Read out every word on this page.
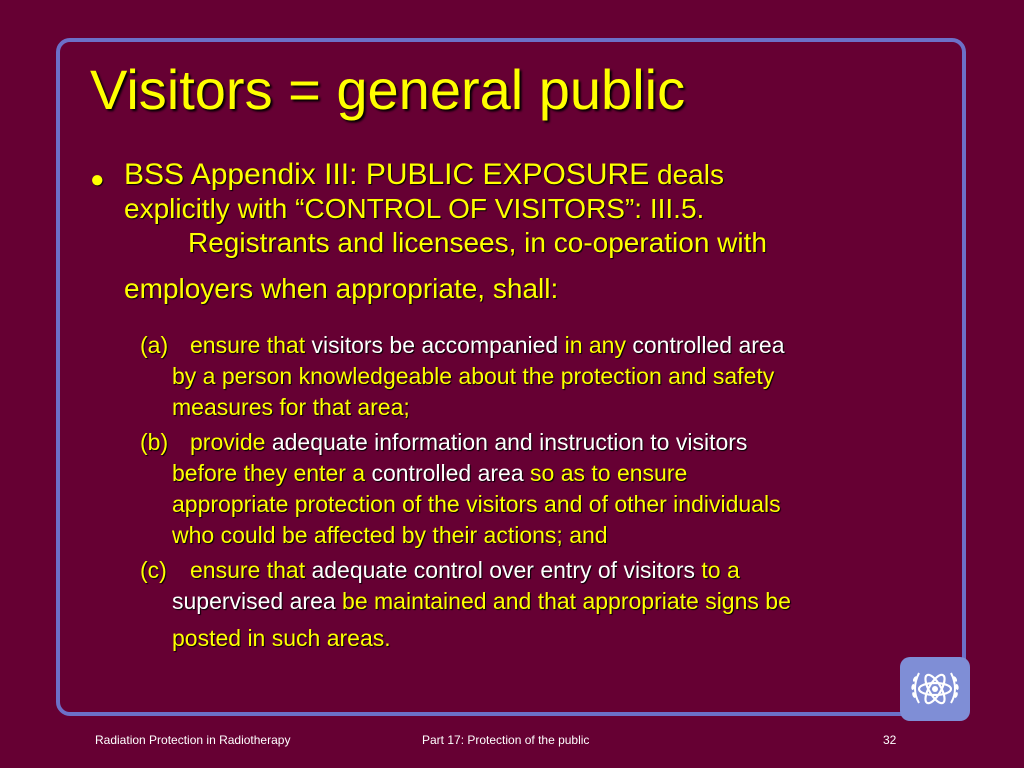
Visitors = general public
● BSS Appendix III: PUBLIC EXPOSURE deals
explicitly with “CONTROL OF VISITORS”: III.5.
Registrants and licensees, in co-operation with
employers when appropriate, shall:
(a) ensure that visitors be accompanied in any controlled area
by a person knowledgeable about the protection and safety
measures for that area;
(b) provide adequate information and instruction to visitors
before they enter a controlled area so as to ensure
appropriate protection of the visitors and of other individuals
who could be affected by their actions; and
(c)	ensure that adequate control over entry of visitors to a
supervised area be maintained and that appropriate signs be
posted in such areas.
Radiation Protection in Radiotherapy	Part 17: Protection of the public	32
